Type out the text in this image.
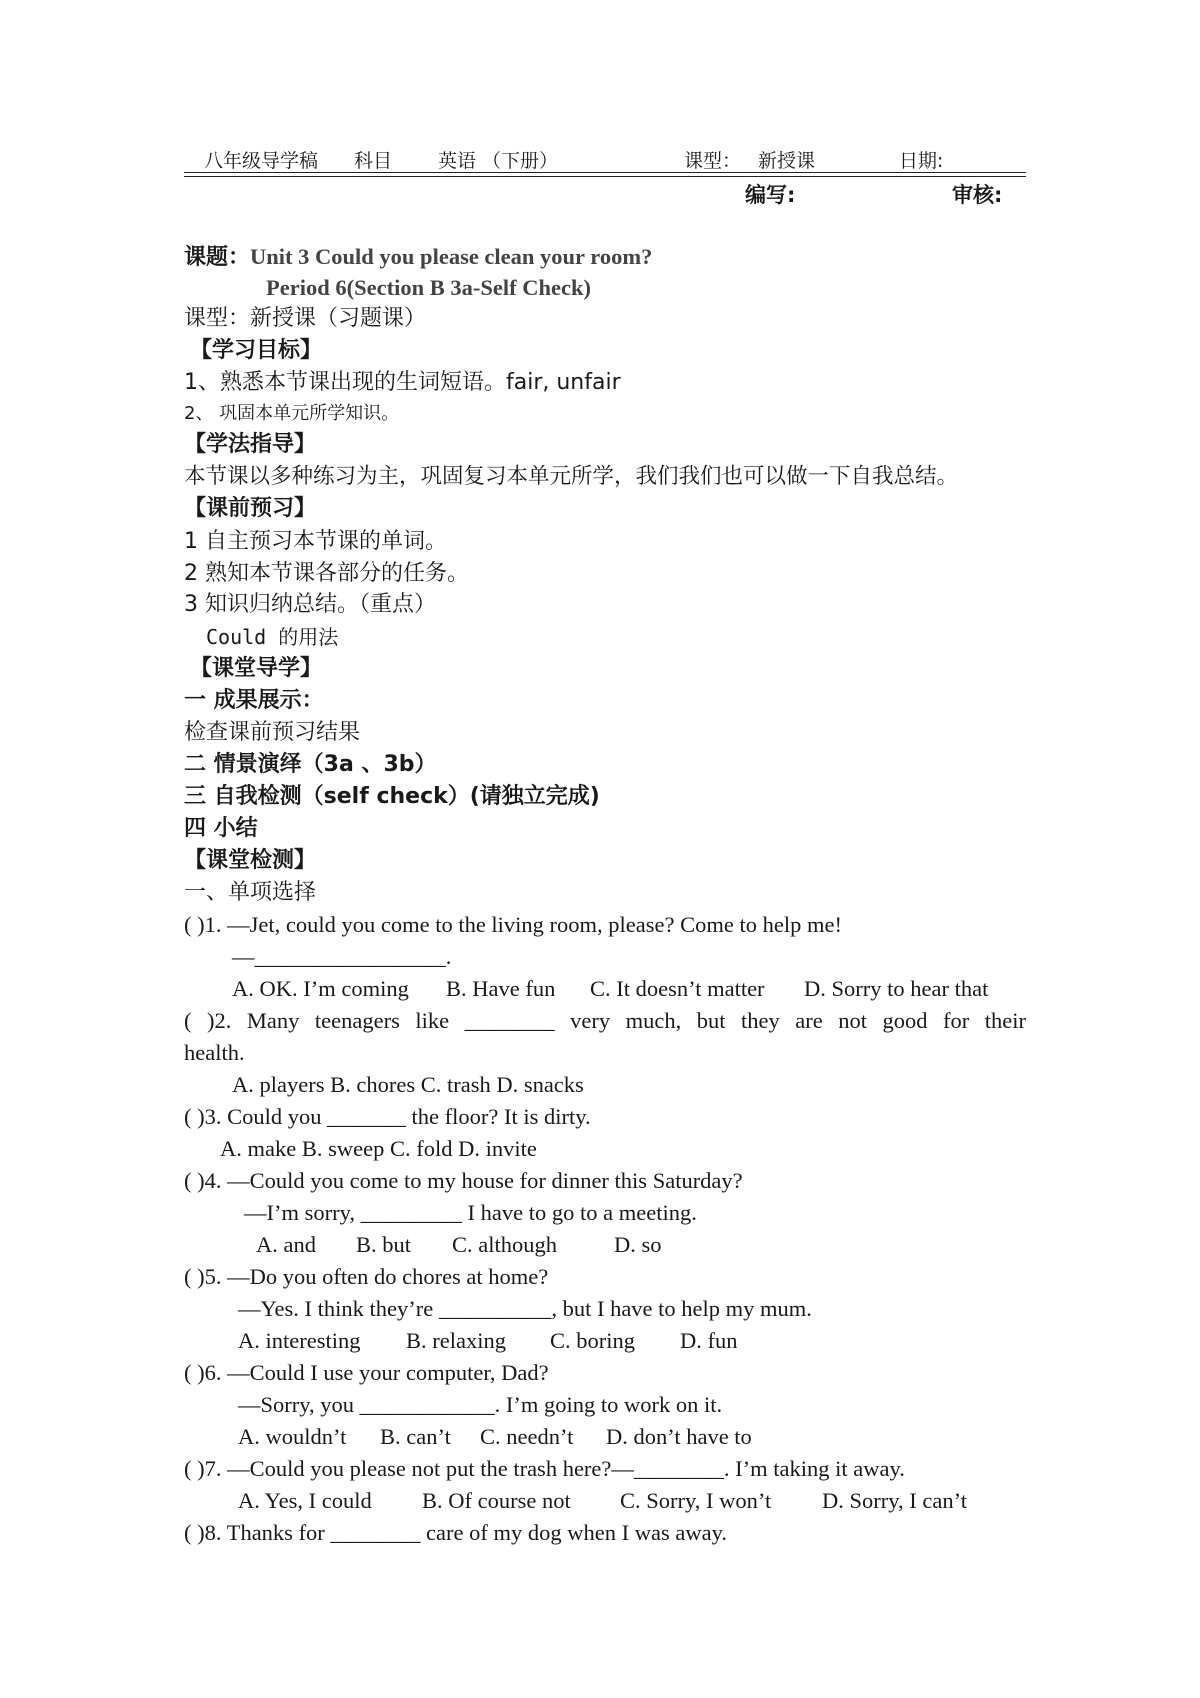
八年级导学稿 科目 英语 （下册）	课型： 新授课	日期:
编写:	审核:
课题：Unit 3 Could you please clean your room?
Period 6(Section B 3a-Self Check)
课型：新授课（习题课）
【学习目标】
1、熟悉本节课出现的生词短语。fair, unfair
2、 巩固本单元所学知识。
【学法指导】
本节课以多种练习为主，巩固复习本单元所学，我们我们也可以做一下自我总结。
【课前预习】
1 自主预习本节课的单词。
2 熟知本节课各部分的任务。
3 知识归纳总结。（重点）
Could 的用法
【课堂导学】
一 成果展示：
检查课前预习结果
二 情景演绎（3a 、3b）
三 自我检测（self check）(请独立完成)
四 小结
【课堂检测】
一、单项选择
( )1. —Jet, could you come to the living room, please? Come to help me!
—_________________.
A. OK. I’m coming B. Have fun C. It doesn’t matter D. Sorry to hear that
( )2. Many teenagers like ________ very much, but they are not good for their
health.
A. players B. chores C. trash D. snacks
( )3. Could you _______ the floor? It is dirty.
A. make B. sweep C. fold D. invite
( )4. —Could you come to my house for dinner this Saturday?
—I’m sorry, _________ I have to go to a meeting.
A. and B. but C. although	D. so
( )5. —Do you often do chores at home?
—Yes. I think they’re __________, but I have to help my mum.
A. interesting B. relaxing C. boring D. fun
( )6. —Could I use your computer, Dad?
—Sorry, you ____________. I’m going to work on it.
A. wouldn’t B. can’t C. needn’t D. don’t have to
( )7. —Could you please not put the trash here?—________. I’m taking it away.
A. Yes, I could B. Of course not C. Sorry, I won’t D. Sorry, I can’t
( )8. Thanks for ________ care of my dog when I was away.
